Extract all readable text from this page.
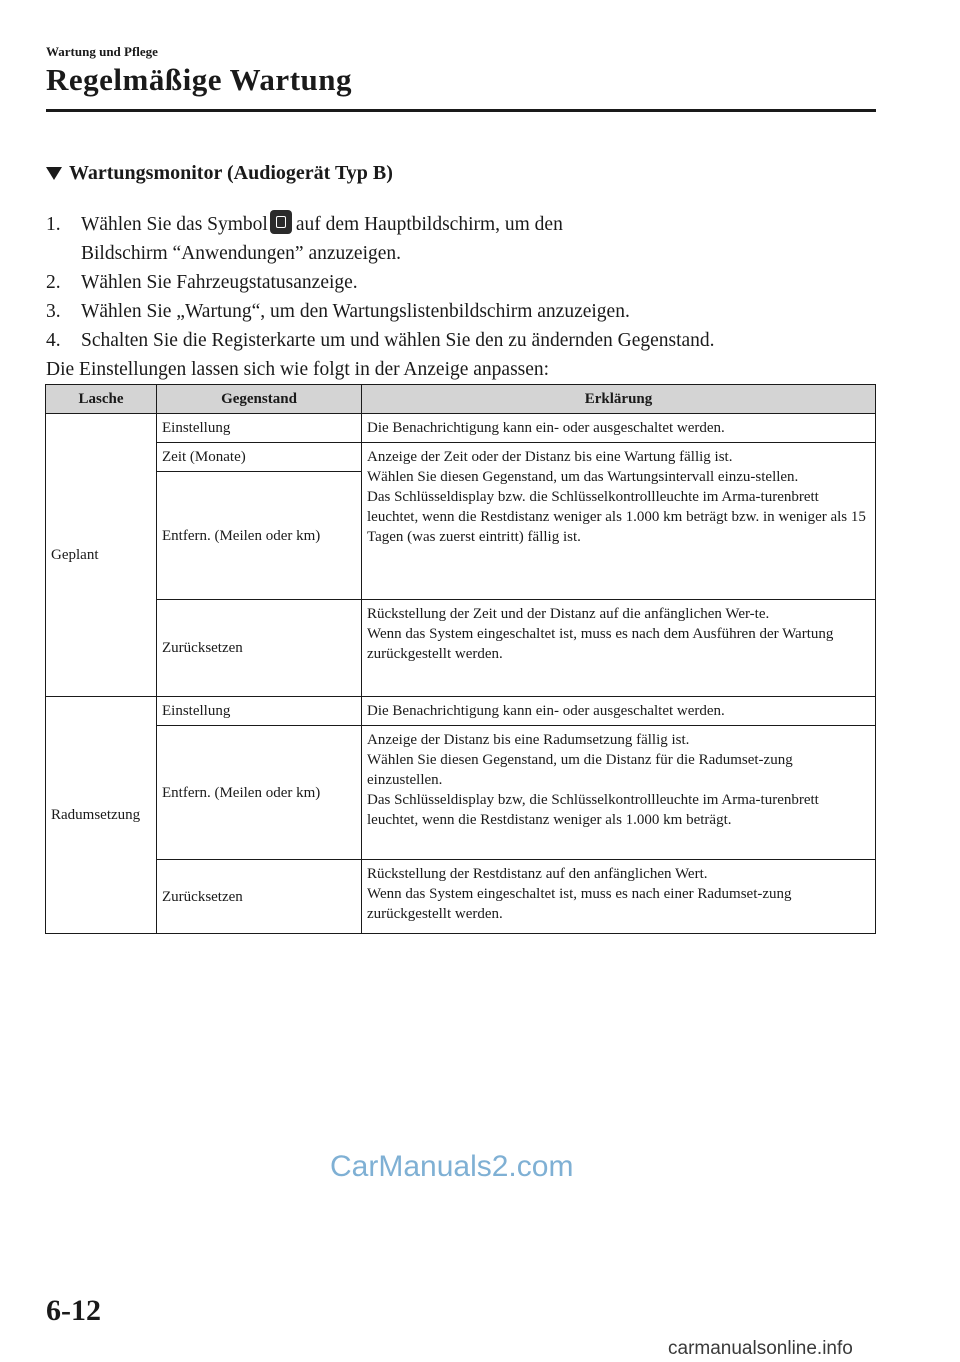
Wartung und Pflege
Regelmäßige Wartung
Wartungsmonitor (Audiogerät Typ B)
1.	Wählen Sie das Symbol auf dem Hauptbildschirm, um den
Bildschirm “Anwendungen” anzuzeigen.
2.	Wählen Sie Fahrzeugstatusanzeige.
3.	Wählen Sie „Wartung“, um den Wartungslistenbildschirm anzuzeigen.
4.	Schalten Sie die Registerkarte um und wählen Sie den zu ändernden Gegenstand.

Die Einstellungen lassen sich wie folgt in der Anzeige anpassen:

Lasche	Gegenstand	Erklärung
Geplant	Einstellung	Die Benachrichtigung kann ein- oder ausgeschaltet werden.
	Zeit (Monate)	Anzeige der Zeit oder der Distanz bis eine Wartung fällig ist.
Wählen Sie diesen Gegenstand, um das Wartungsintervall einzu-stellen.
Das Schlüsseldisplay bzw. die Schlüsselkontrollleuchte im Arma-turenbrett leuchtet, wenn die Restdistanz weniger als 1.000 km beträgt bzw. in weniger als 15 Tagen (was zuerst eintritt) fällig ist.
	Entfern. (Meilen oder km)	
	Zurücksetzen	Rückstellung der Zeit und der Distanz auf die anfänglichen Wer-te.
Wenn das System eingeschaltet ist, muss es nach dem Ausführen der Wartung zurückgestellt werden.
Radumsetzung	Einstellung	Die Benachrichtigung kann ein- oder ausgeschaltet werden.
	Entfern. (Meilen oder km)	Anzeige der Distanz bis eine Radumsetzung fällig ist.
Wählen Sie diesen Gegenstand, um die Distanz für die Radumset-zung einzustellen.
Das Schlüsseldisplay bzw, die Schlüsselkontrollleuchte im Arma-turenbrett leuchtet, wenn die Restdistanz weniger als 1.000 km beträgt.
	Zurücksetzen	Rückstellung der Restdistanz auf den anfänglichen Wert.
Wenn das System eingeschaltet ist, muss es nach einer Radumset-zung zurückgestellt werden.
CarManuals2.com
6-12
carmanualsonline.info
